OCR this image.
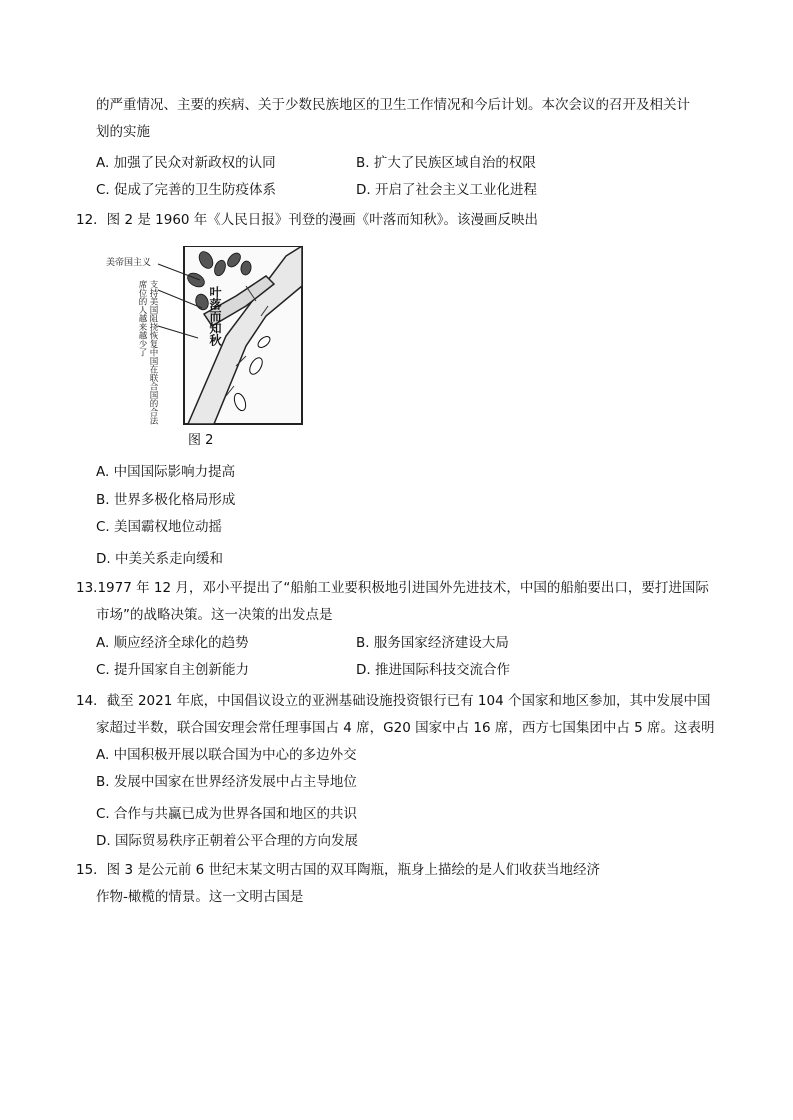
的严重情况、主要的疾病、关于少数民族地区的卫生工作情况和今后计划。本次会议的召开及相关计
划的实施
A. 加强了民众对新政权的认同	B. 扩大了民族区域自治的权限
C. 促成了完善的卫生防疫体系	D. 开启了社会主义工业化进程
12．图 2 是 1960 年《人民日报》刊登的漫画《叶落而知秋》。该漫画反映出
美帝国主义
支持美国阻挠恢复中国在联合国的合法席位的人越来越少了	叶落而知秋
图 2
A. 中国国际影响力提高
B. 世界多极化格局形成
C. 美国霸权地位动摇
D. 中美关系走向缓和
13.1977 年 12 月，邓小平提出了“船舶工业要积极地引进国外先进技术，中国的船舶要出口，要打进国际
市场”的战略决策。这一决策的出发点是
A. 顺应经济全球化的趋势	B. 服务国家经济建设大局
C. 提升国家自主创新能力	D. 推进国际科技交流合作
14．截至 2021 年底，中国倡议设立的亚洲基础设施投资银行已有 104 个国家和地区参加，其中发展中国
家超过半数，联合国安理会常任理事国占 4 席，G20 国家中占 16 席，西方七国集团中占 5 席。这表明
A. 中国积极开展以联合国为中心的多边外交
B. 发展中国家在世界经济发展中占主导地位
C. 合作与共赢已成为世界各国和地区的共识
D. 国际贸易秩序正朝着公平合理的方向发展
15．图 3 是公元前 6 世纪末某文明古国的双耳陶瓶，瓶身上描绘的是人们收获当地经济
作物-橄榄的情景。这一文明古国是
